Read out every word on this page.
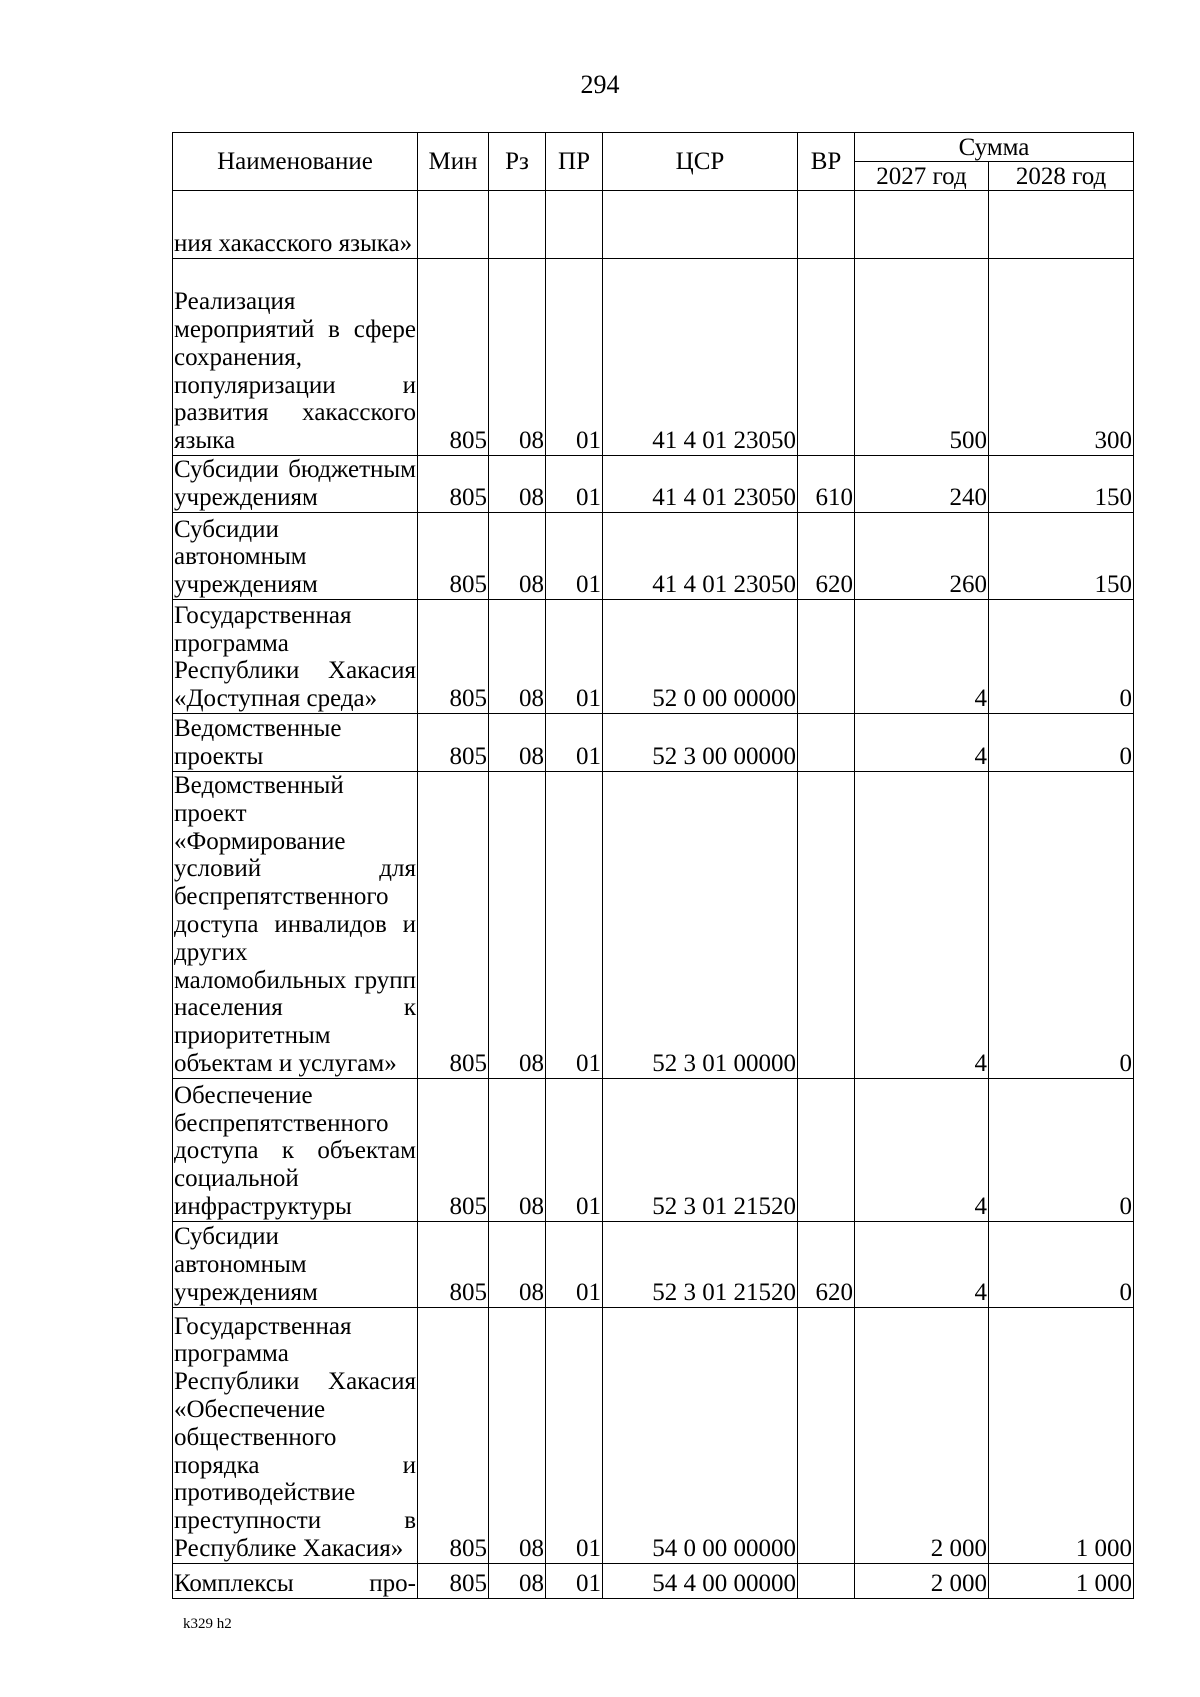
294
Наименование	Мин	Рз	ПР	ЦСР	ВР	Сумма	
						2027 год	2028 год
ния хакасского языка»							
Реализация мероприятий в сфере сохранения, популяризации и развития хакасского языка	805	08	01	41 4 01 23050		500	300
Субсидии бюджетным учреждениям	805	08	01	41 4 01 23050	610	240	150
Субсидии автономным учреждениям	805	08	01	41 4 01 23050	620	260	150
Государственная программа Республики Хакасия «Доступная среда»	805	08	01	52 0 00 00000		4	0
Ведомственные проекты	805	08	01	52 3 00 00000		4	0
Ведомственный проект «Формирование условий для беспрепятственного доступа инвалидов и других маломобильных групп населения к приоритетным объектам и услугам»	805	08	01	52 3 01 00000		4	0
Обеспечение беспрепятственного доступа к объектам социальной инфраструктуры	805	08	01	52 3 01 21520		4	0
Субсидии автономным учреждениям	805	08	01	52 3 01 21520	620	4	0
Государственная программа Республики Хакасия «Обеспечение общественного порядка и противодействие преступности в Республике Хакасия»	805	08	01	54 0 00 00000		2 000	1 000
Комплексы про-	805	08	01	54 4 00 00000		2 000	1 000
k329 h2
